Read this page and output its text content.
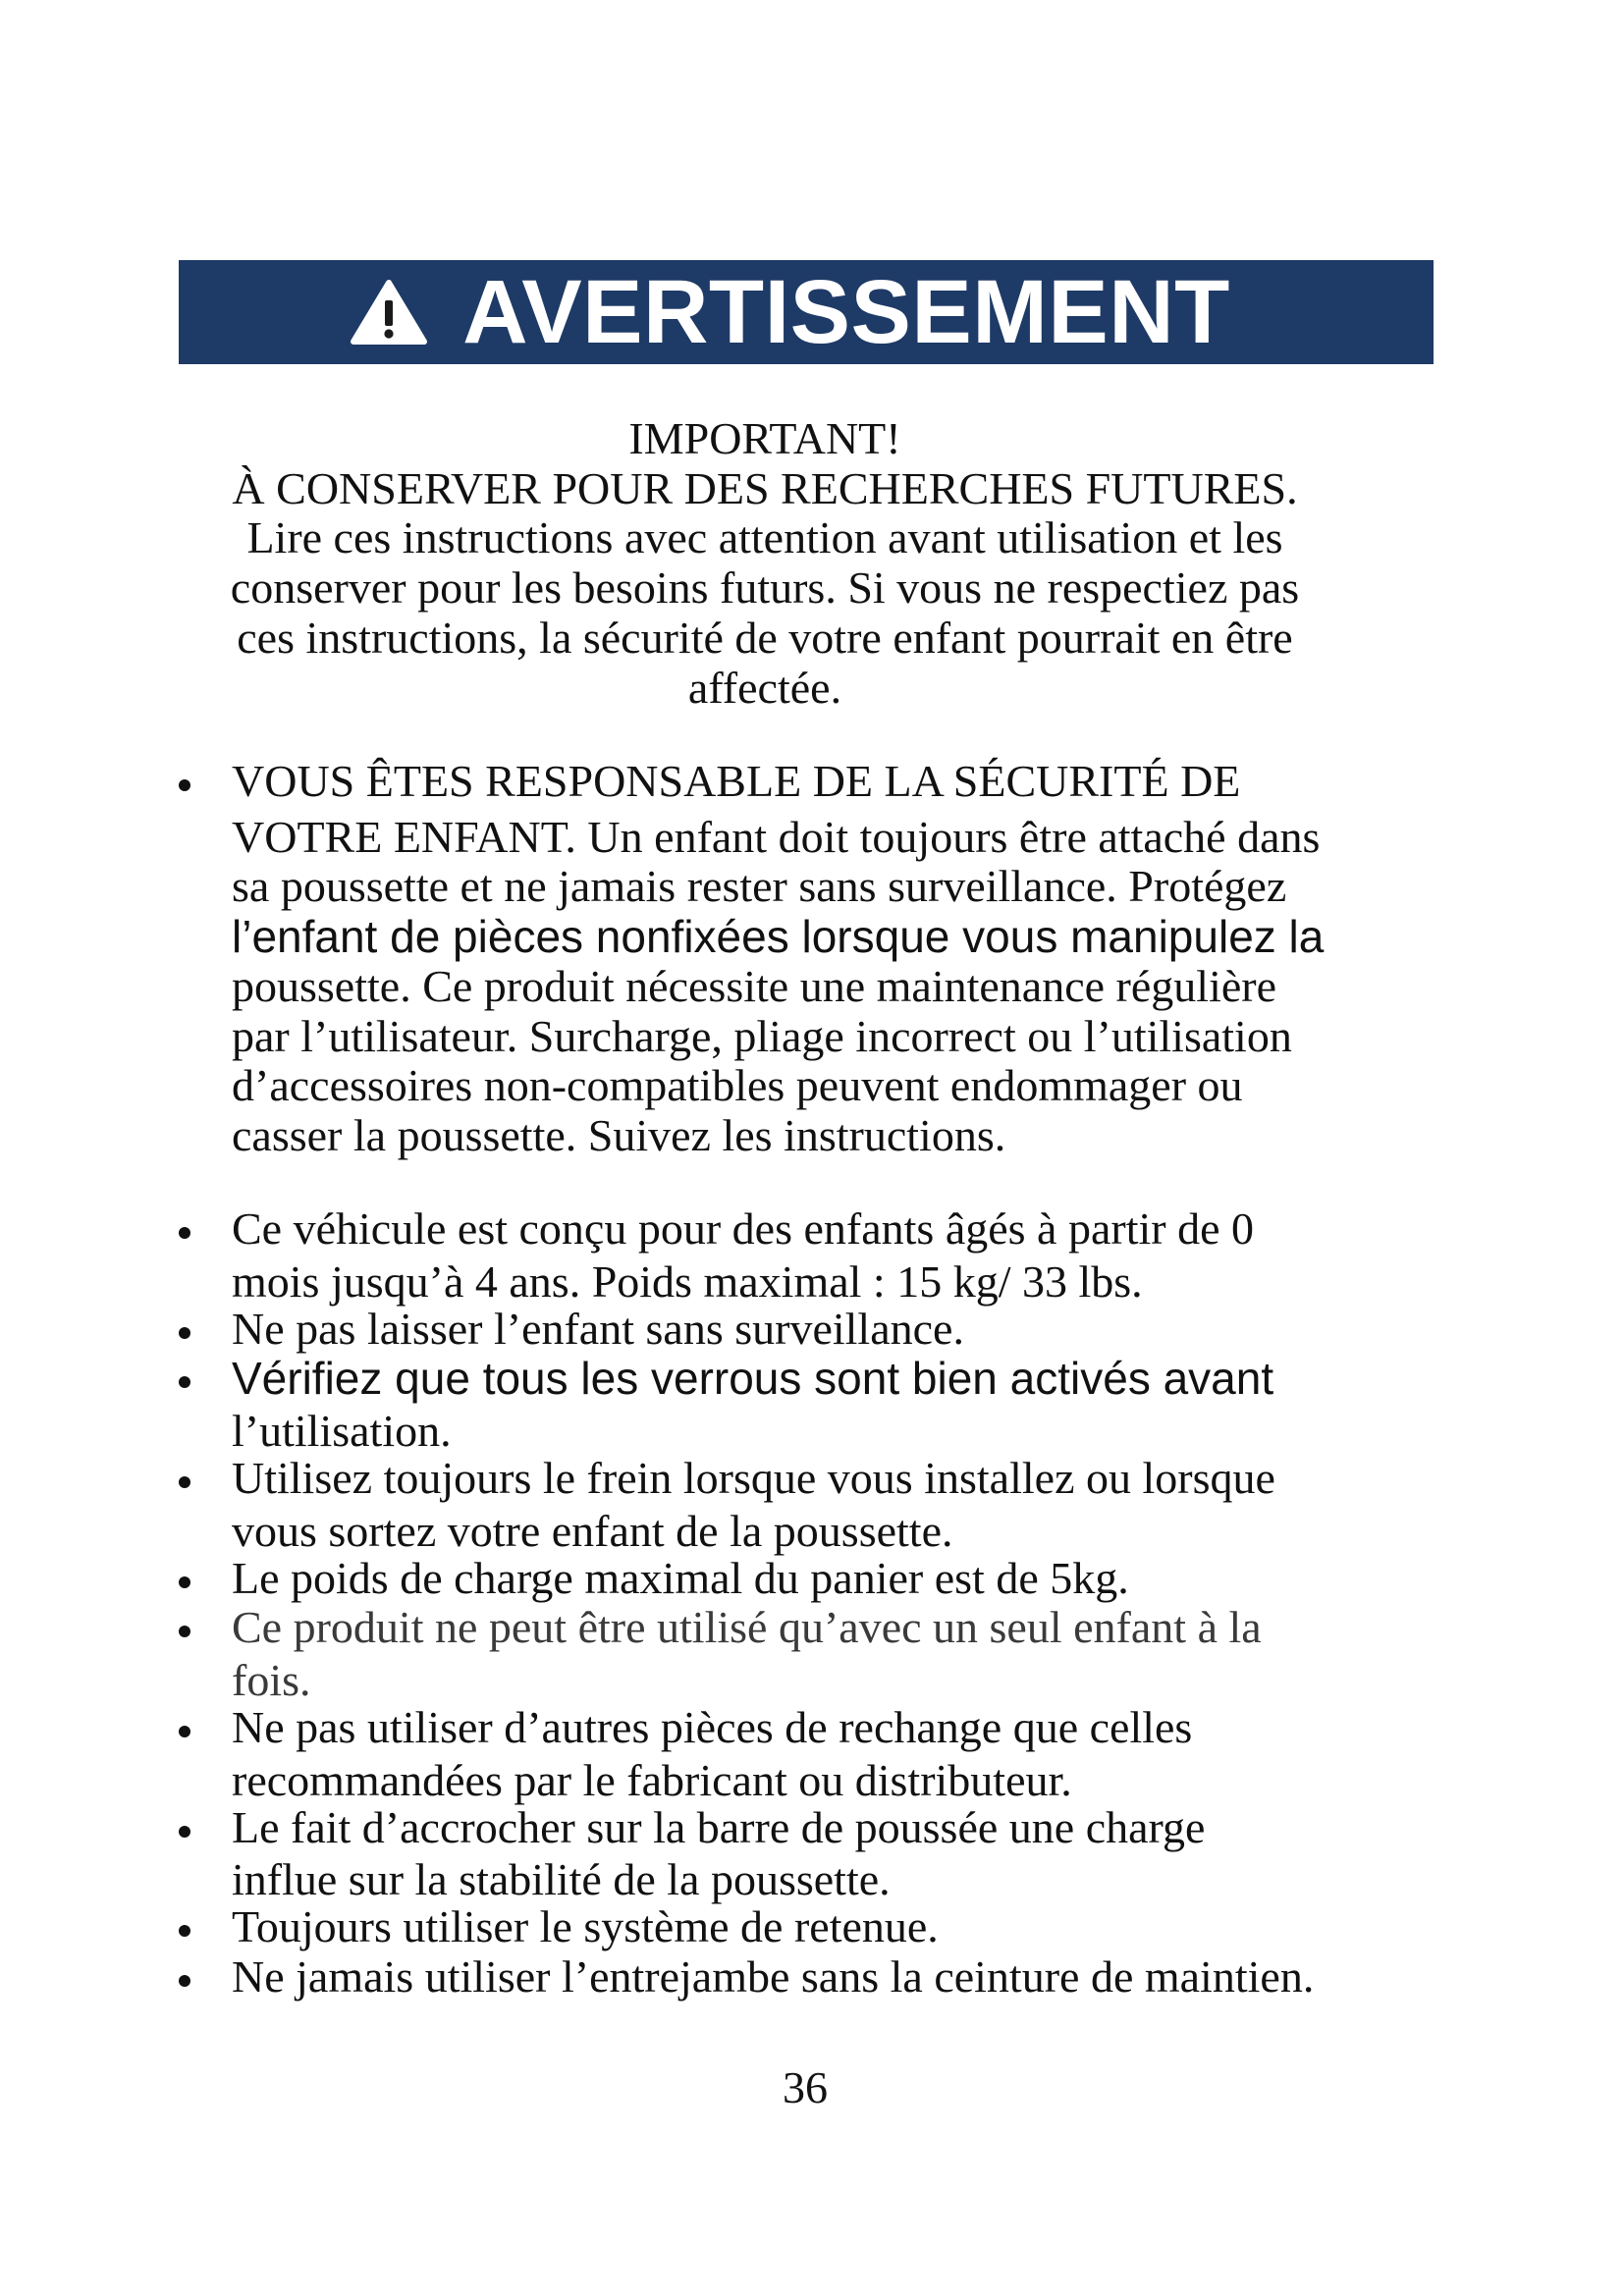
AVERTISSEMENT
IMPORTANT!
À CONSERVER POUR DES RECHERCHES FUTURES.
Lire ces instructions avec attention avant utilisation et les
conserver pour les besoins futurs. Si vous ne respectiez pas
ces instructions, la sécurité de votre enfant pourrait en être
affectée.
VOUS ÊTES RESPONSABLE DE LA SÉCURITÉ DE
VOTRE ENFANT. Un enfant doit toujours être attaché dans
sa poussette et ne jamais rester sans surveillance. Protégez
l’enfant de pièces nonfixées lorsque vous manipulez la
poussette. Ce produit nécessite une maintenance régulière
par l’utilisateur. Surcharge, pliage incorrect ou l’utilisation
d’accessoires non-compatibles peuvent endommager ou
casser la poussette. Suivez les instructions.
Ce véhicule est conçu pour des enfants âgés à partir de 0
mois jusqu’à 4 ans. Poids maximal : 15 kg/ 33 lbs.
Ne pas laisser l’enfant sans surveillance.
Vérifiez que tous les verrous sont bien activés avant
l’utilisation.
Utilisez toujours le frein lorsque vous installez ou lorsque
vous sortez votre enfant de la poussette.
Le poids de charge maximal du panier est de 5kg.
Ce produit ne peut être utilisé qu’avec un seul enfant à la
fois.
Ne pas utiliser d’autres pièces de rechange que celles
recommandées par le fabricant ou distributeur.
Le fait d’accrocher sur la barre de poussée une charge
influe sur la stabilité de la poussette.
Toujours utiliser le système de retenue.
Ne jamais utiliser l’entrejambe sans la ceinture de maintien.
36
